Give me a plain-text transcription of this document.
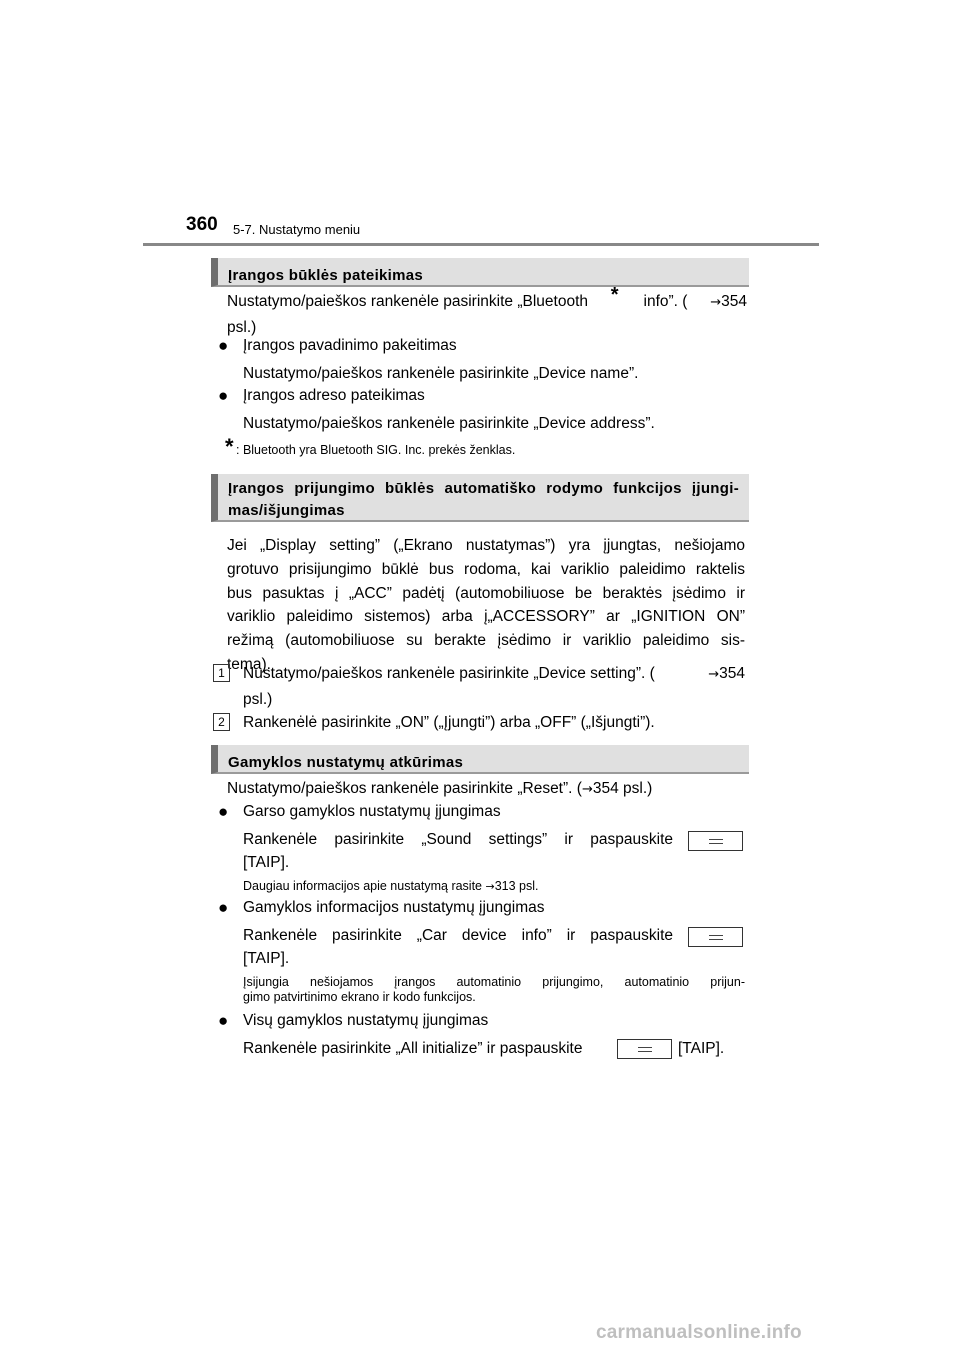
360 5-7. Nustatymo meniu
Įrangos būklės pateikimas
Nustatymo/paieškos rankenėle pasirinkite „Bluetooth * info”. ( →354
psl.)
●
Įrangos pavadinimo pakeitimas
Nustatymo/paieškos rankenėle pasirinkite „Device name”.
●
Įrangos adreso pateikimas
Nustatymo/paieškos rankenėle pasirinkite „Device address”.
* : Bluetooth yra Bluetooth SIG. Inc. prekės ženklas.
Įrangos prijungimo būklės automatiško rodymo funkcijos įjungi-
mas/išjungimas
Jei „Display setting” („Ekrano nustatymas”) yra įjungtas, nešiojamo
grotuvo prisijungimo būklė bus rodoma, kai variklio paleidimo raktelis
bus pasuktas į „ACC” padėtį (automobiliuose be beraktės įsėdimo ir
variklio paleidimo sistemos) arba į„ACCESSORY” ar „IGNITION ON”
režimą (automobiliuose su berakte įsėdimo ir variklio paleidimo sis-
tema).
1	Nustatymo/paieškos rankenėle pasirinkite „Device setting”. (	→354
psl.)
2	Rankenėlė pasirinkite „ON” („Įjungti”) arba „OFF” („Išjungti”).
Gamyklos nustatymų atkūrimas
Nustatymo/paieškos rankenėle pasirinkite „Reset”. (→354 psl.)
●
Garso gamyklos nustatymų įjungimas
Rankenėle pasirinkite „Sound settings” ir paspauskite
[TAIP].
Daugiau informacijos apie nustatymą rasite →313 psl.
●
Gamyklos informacijos nustatymų įjungimas
Rankenėle pasirinkite „Car device info” ir paspauskite
[TAIP].
Įsijungia nešiojamos įrangos automatinio prijungimo, automatinio prijun-
gimo patvirtinimo ekrano ir kodo funkcijos.
●
Visų gamyklos nustatymų įjungimas
Rankenėle pasirinkite „All initialize” ir paspauskite	[TAIP].
carmanualsonline.info
